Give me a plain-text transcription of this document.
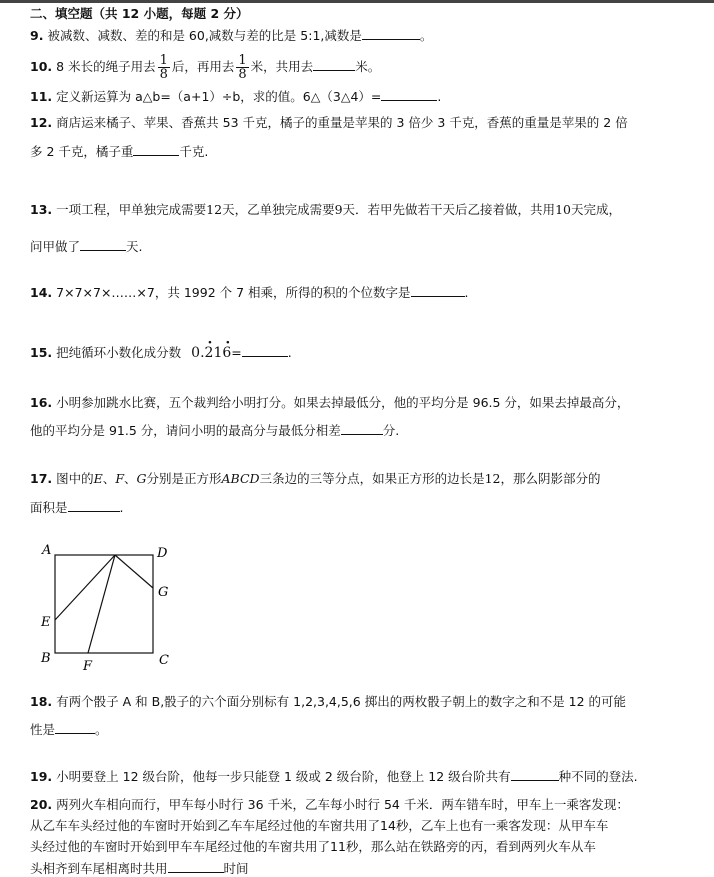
二、填空题（共 12 小题，每题 2 分）
9. 被减数、减数、差的和是 60,减数与差的比是 5:1,减数是	。
10. 8 米长的绳子用去 $\frac{1}{8}$ 后，再用去 $\frac{1}{8}$ 米，共用去	米。
11. 定义新运算为 a△b=（a+1）÷b，求的值。6△（3△4）=	.
12. 商店运来橘子、苹果、香蕉共 53 千克，橘子的重量是苹果的 3 倍少 3 千克，香蕉的重量是苹果的 2 倍
多 2 千克，橘子重	千克.
13. 一项工程，甲单独完成需要12天，乙单独完成需要9天．若甲先做若干天后乙接着做，共用10天完成，
问甲做了	天.
14. 7×7×7×……×7，共 1992 个 7 相乘，所得的积的个位数字是	.
15. 把纯循环小数化成分数 0.2 ·16 ·=	.
16. 小明参加跳水比赛，五个裁判给小明打分。如果去掉最低分，他的平均分是 96.5 分，如果去掉最高分，
他的平均分是 91.5 分，请问小明的最高分与最低分相差	分.
17. 图中的E、F、G分别是正方形ABCD三条边的三等分点，如果正方形的边长是12，那么阴影部分的
面积是	.
A	D
G
E
B	C
F
18. 有两个骰子 A 和 B,骰子的六个面分别标有 1,2,3,4,5,6 掷出的两枚骰子朝上的数字之和不是 12 的可能
性是	。
19. 小明要登上 12 级台阶，他每一步只能登 1 级或 2 级台阶，他登上 12 级台阶共有	种不同的登法.
20. 两列火车相向而行，甲车每小时行 36 千米，乙车每小时行 54 千米．两车错车时，甲车上一乘客发现：
从乙车车头经过他的车窗时开始到乙车车尾经过他的车窗共用了14秒，乙车上也有一乘客发现：从甲车车
头经过他的车窗时开始到甲车车尾经过他的车窗共用了11秒，那么站在铁路旁的丙，看到两列火车从车
头相齐到车尾相离时共用	时间
